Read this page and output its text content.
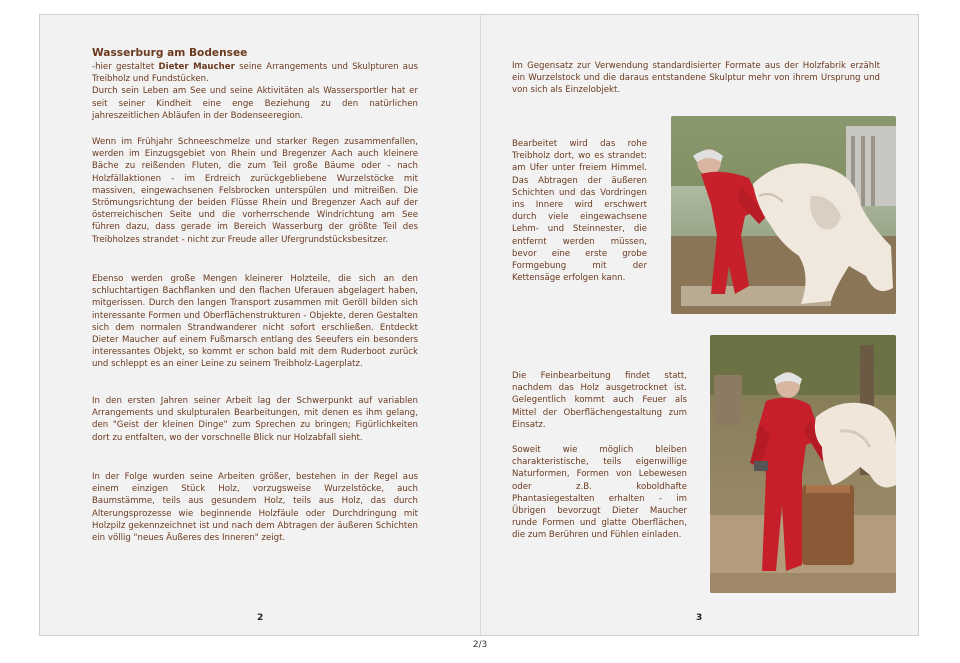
Wasserburg am Bodensee

-hier gestaltet Dieter Maucher seine Arrangements und Skulpturen aus Treibholz und Fundstücken.
Durch sein Leben am See und seine Aktivitäten als Wassersportler hat er seit seiner Kindheit eine enge Beziehung zu den natürlichen jahreszeitlichen Abläufen in der Bodenseeregion.

Wenn im Frühjahr Schneeschmelze und starker Regen zusammenfallen, werden im Einzugsgebiet von Rhein und Bregenzer Aach auch kleinere Bäche zu reißenden Fluten, die zum Teil große Bäume oder - nach Holzfällaktionen - im Erdreich zurückgebliebene Wurzelstöcke mit massiven, eingewachsenen Felsbrocken unterspülen und mitreißen. Die Strömungsrichtung der beiden Flüsse Rhein und Bregenzer Aach auf der österreichischen Seite und die vorherrschende Windrichtung am See führen dazu, dass gerade im Bereich Wasserburg der größte Teil des Treibholzes strandet - nicht zur Freude aller Ufergrundstücksbesitzer.

Ebenso werden große Mengen kleinerer Holzteile, die sich an den schluchtartigen Bachflanken und den flachen Uferauen abgelagert haben, mitgerissen. Durch den langen Transport zusammen mit Geröll bilden sich interessante Formen und Oberflächenstrukturen - Objekte, deren Gestalten sich dem normalen Strandwanderer nicht sofort erschließen. Entdeckt Dieter Maucher auf einem Fußmarsch entlang des Seeufers ein besonders interessantes Objekt, so kommt er schon bald mit dem Ruderboot zurück und schleppt es an einer Leine zu seinem Treibholz-Lagerplatz.

In den ersten Jahren seiner Arbeit lag der Schwerpunkt auf variablen Arrangements und skulpturalen Bearbeitungen, mit denen es ihm gelang, den "Geist der kleinen Dinge" zum Sprechen zu bringen; Figürlichkeiten dort zu entfalten, wo der vorschnelle Blick nur Holzabfall sieht.

In der Folge wurden seine Arbeiten größer, bestehen in der Regel aus einem einzigen Stück Holz, vorzugsweise Wurzelstöcke, auch Baumstämme, teils aus gesundem Holz, teils aus Holz, das durch Alterungsprozesse wie beginnende Holzfäule oder Durchdringung mit Holzpilz gekennzeichnet ist und nach dem Abtragen der äußeren Schichten ein völlig "neues Äußeres des Inneren" zeigt.

2

Im Gegensatz zur Verwendung standardisierter Formate aus der Holzfabrik erzählt ein Wurzelstock und die daraus entstandene Skulptur mehr von ihrem Ursprung und von sich als Einzelobjekt.

Bearbeitet wird das rohe Treibholz dort, wo es strandet: am Ufer unter freiem Himmel. Das Abtragen der äußeren Schichten und das Vordringen ins Innere wird erschwert durch viele eingewachsene Lehm- und Steinnester, die entfernt werden müssen, bevor eine erste grobe Formgebung mit der Kettensäge erfolgen kann.

Die Feinbearbeitung findet statt, nachdem das Holz ausgetrocknet ist. Gelegentlich kommt auch Feuer als Mittel der Oberflächengestaltung zum Einsatz.

Soweit wie möglich bleiben charakteristische, teils eigenwillige Naturformen, Formen von Lebewesen oder z.B. koboldhafte Phantasiegestalten erhalten - im Übrigen bevorzugt Dieter Maucher runde Formen und glatte Oberflächen, die zum Berühren und Fühlen einladen.

3

2/3
